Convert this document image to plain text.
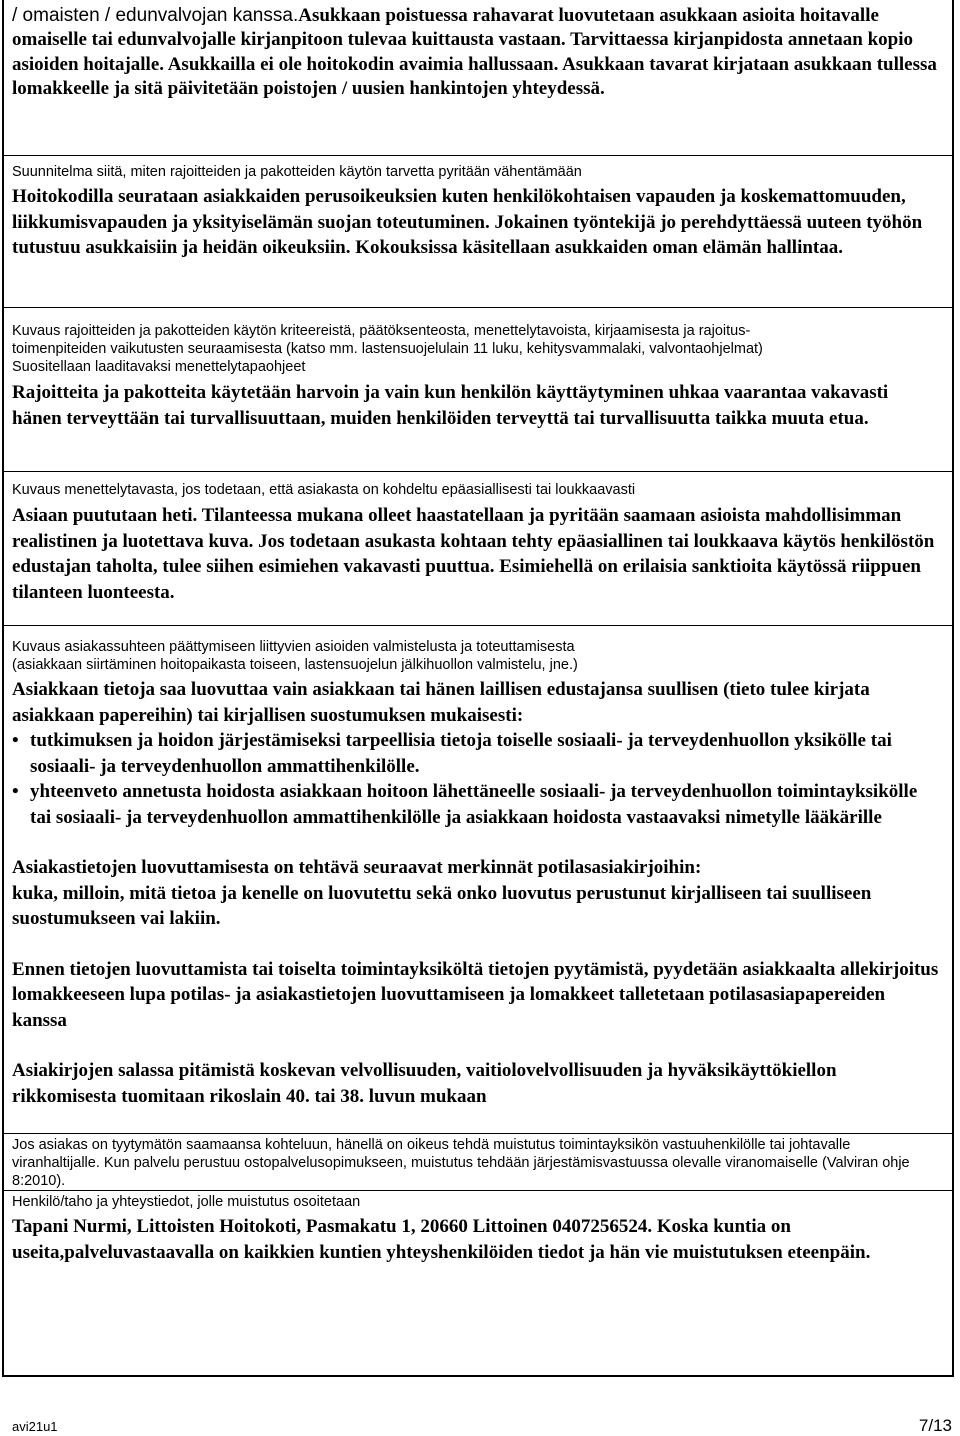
/ omaisten / edunvalvojan kanssa.Asukkaan poistuessa rahavarat luovutetaan asukkaan asioita hoitavalle omaiselle tai edunvalvojalle kirjanpitoon tulevaa kuittausta vastaan. Tarvittaessa kirjanpidosta annetaan kopio asioiden hoitajalle. Asukkailla ei ole hoitokodin avaimia hallussaan. Asukkaan tavarat kirjataan asukkaan tullessa lomakkeelle ja sitä päivitetään poistojen / uusien hankintojen yhteydessä.
Suunnitelma siitä, miten rajoitteiden ja pakotteiden käytön tarvetta pyritään vähentämään
Hoitokodilla seurataan asiakkaiden perusoikeuksien kuten henkilökohtaisen vapauden ja koskemattomuuden, liikkumisvapauden ja yksityiselämän suojan toteutuminen. Jokainen työntekijä jo perehdyttäessä uuteen työhön tutustuu asukkaisiin ja heidän oikeuksiin. Kokouksissa käsitellaan asukkaiden oman elämän hallintaa.
Kuvaus rajoitteiden ja pakotteiden käytön kriteereistä, päätöksenteosta, menettelytavoista, kirjaamisesta ja rajoitus-
toimenpiteiden vaikutusten seuraamisesta (katso mm. lastensuojelulain 11 luku, kehitysvammalaki, valvontaohjelmat)
Suositellaan laaditavaksi menettelytapaohjeet
Rajoitteita ja pakotteita käytetään harvoin ja vain kun henkilön käyttäytyminen uhkaa vaarantaa vakavasti hänen terveyttään tai turvallisuuttaan, muiden henkilöiden terveyttä tai turvallisuutta taikka muuta etua.
Kuvaus menettelytavasta, jos todetaan, että asiakasta on kohdeltu epäasiallisesti tai loukkaavasti
Asiaan puututaan heti. Tilanteessa mukana olleet haastatellaan ja pyritään saamaan asioista mahdollisimman realistinen ja luotettava kuva. Jos todetaan asukasta kohtaan tehty epäasiallinen tai loukkaava käytös henkilöstön edustajan taholta, tulee siihen esimiehen vakavasti puuttua. Esimiehellä on erilaisia sanktioita käytössä riippuen tilanteen luonteesta.
Kuvaus asiakassuhteen päättymiseen liittyvien asioiden valmistelusta ja toteuttamisesta
(asiakkaan siirtäminen hoitopaikasta toiseen, lastensuojelun jälkihuollon valmistelu, jne.)
Asiakkaan tietoja saa luovuttaa vain asiakkaan tai hänen laillisen edustajansa suullisen (tieto tulee kirjata asiakkaan papereihin) tai kirjallisen suostumuksen mukaisesti:
• tutkimuksen ja hoidon järjestämiseksi tarpeellisia tietoja toiselle sosiaali- ja terveydenhuollon yksikölle tai sosiaali- ja terveydenhuollon ammattihenkilölle.
• yhteenveto annetusta hoidosta asiakkaan hoitoon lähettäneelle sosiaali- ja terveydenhuollon toimintayksikölle tai sosiaali- ja terveydenhuollon ammattihenkilölle ja asiakkaan hoidosta vastaavaksi nimetylle lääkärille
Asiakastietojen luovuttamisesta on tehtävä seuraavat merkinnät potilasasiakirjoihin:
kuka, milloin, mitä tietoa ja kenelle on luovutettu sekä onko luovutus perustunut kirjalliseen tai suulliseen suostumukseen vai lakiin.
Ennen tietojen luovuttamista tai toiselta toimintayksiköltä tietojen pyytämistä, pyydetään asiakkaalta allekirjoitus lomakkeeseen lupa potilas- ja asiakastietojen luovuttamiseen ja lomakkeet talletetaan potilasasiapapereiden kanssa
Asiakirjojen salassa pitämistä koskevan velvollisuuden, vaitiolovelvollisuuden ja hyväksikäyttökiellon rikkomisesta tuomitaan rikoslain 40. tai 38. luvun mukaan
Jos asiakas on tyytymätön saamaansa kohteluun, hänellä on oikeus tehdä muistutus toimintayksikön vastuuhenkilölle tai johtavalle viranhaltijalle. Kun palvelu perustuu ostopalvelusopimukseen, muistutus tehdään järjestämisvastuussa olevalle viranomaiselle (Valviran ohje 8:2010).
Henkilö/taho ja yhteystiedot, jolle muistutus osoitetaan
Tapani Nurmi, Littoisten Hoitokoti, Pasmakatu 1, 20660 Littoinen 0407256524. Koska kuntia on useita,palveluvastaavalla on kaikkien kuntien yhteyshenkilöiden tiedot ja hän vie muistutuksen eteenpäin.
avi21u1	7/13
